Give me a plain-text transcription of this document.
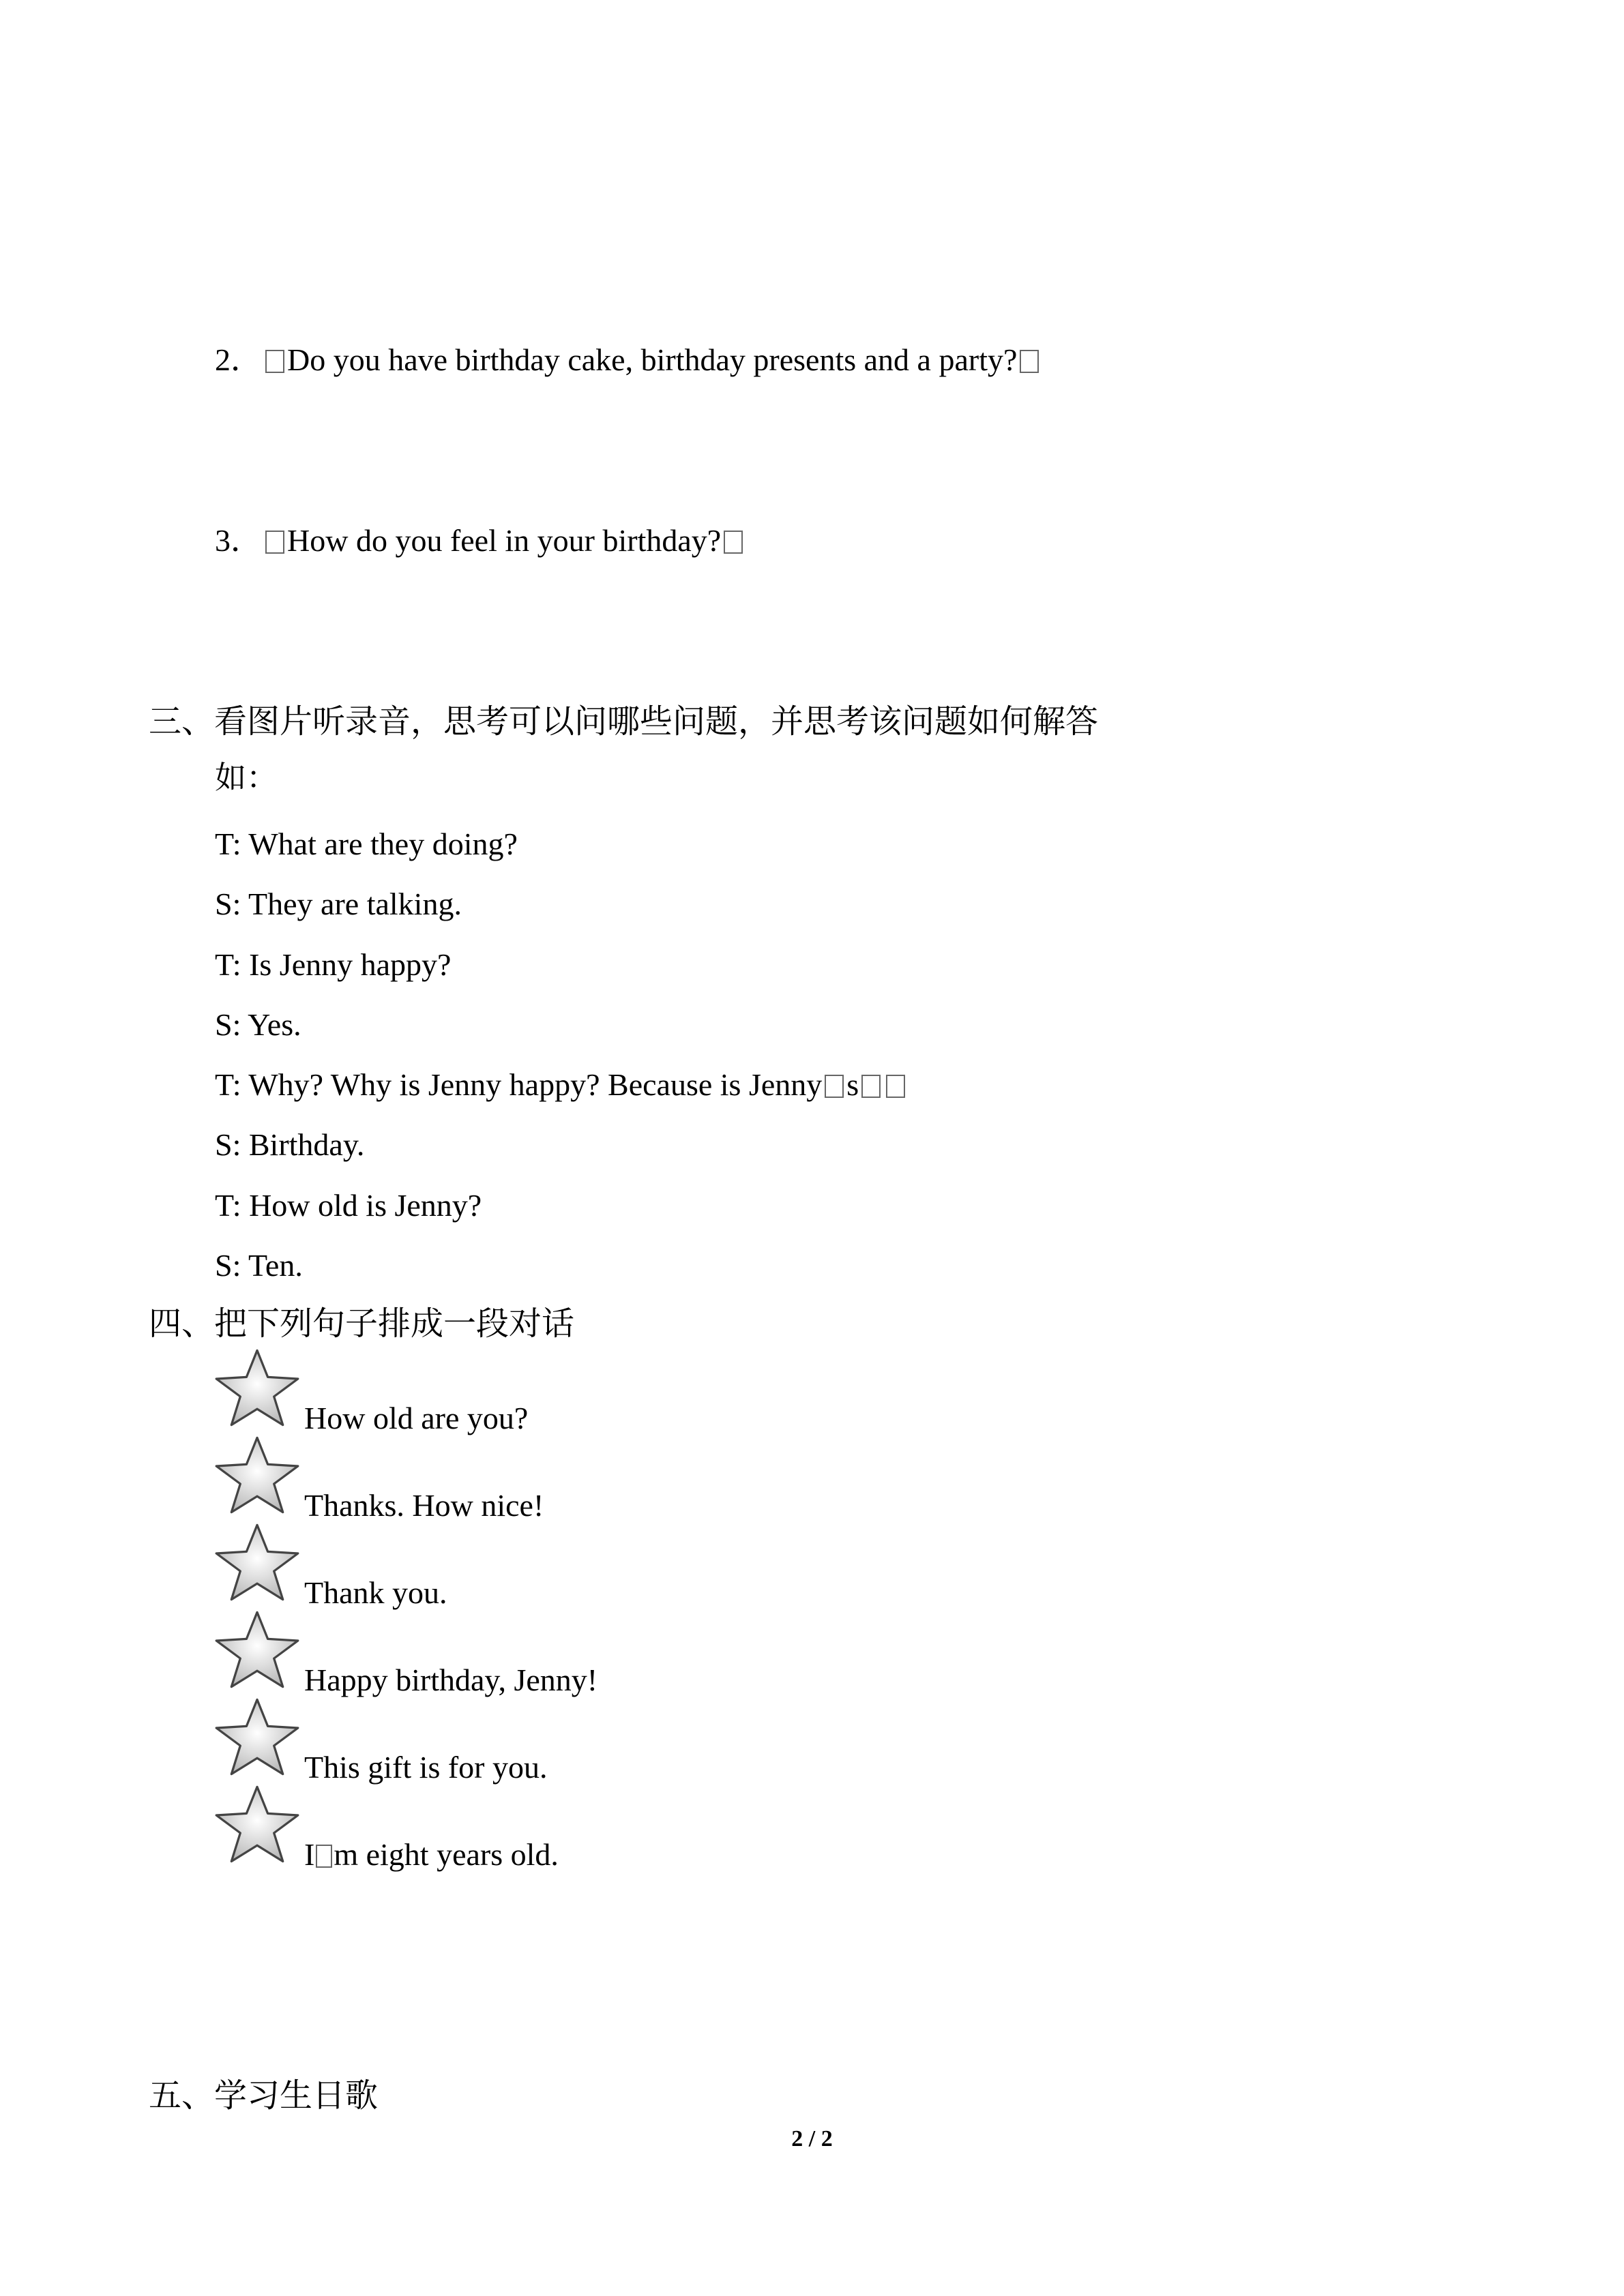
2． Do you have birthday cake, birthday presents and a party?
3． How do you feel in your birthday?
三、看图片听录音，思考可以问哪些问题，并思考该问题如何解答
如：
T: What are they doing?
S: They are talking.
T: Is Jenny happy?
S: Yes.
T: Why? Why is Jenny happy? Because is Jenny s
S: Birthday.
T: How old is Jenny?
S: Ten.
四、把下列句子排成一段对话
How old are you?
Thanks. How nice!
Thank you.
Happy birthday, Jenny!
This gift is for you.
I m eight years old.
五、学习生日歌
2 / 2
